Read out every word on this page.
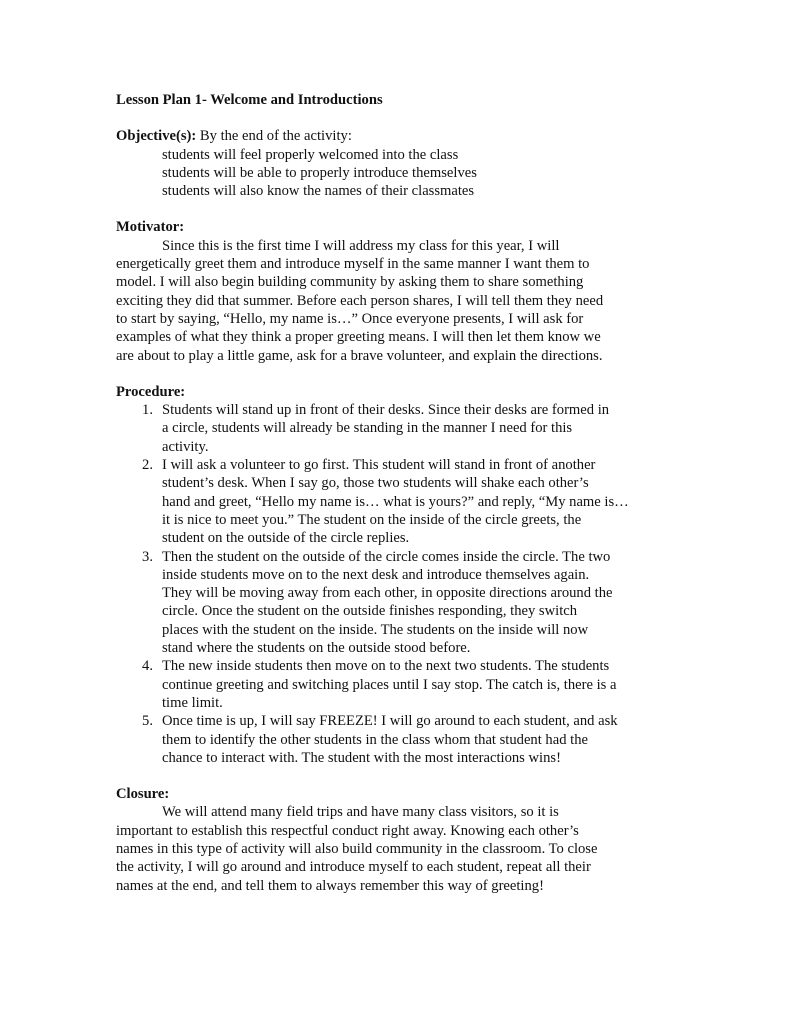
Lesson Plan 1- Welcome and Introductions
Objective(s):
By the end of the activity:
students will feel properly welcomed into the class
students will be able to properly introduce themselves
students will also know the names of their classmates
Motivator:

Since this is the first time I will address my class for this year, I will
energetically greet them and introduce myself in the same manner I want them to
model. I will also begin building community by asking them to share something
exciting they did that summer. Before each person shares, I will tell them they need
to start by saying, “Hello, my name is…” Once everyone presents, I will ask for
examples of what they think a proper greeting means. I will then let them know we
are about to play a little game, ask for a brave volunteer, and explain the directions.

Procedure:
1. Students will stand up in front of their desks. Since their desks are formed in
a circle, students will already be standing in the manner I need for this
activity.
2. I will ask a volunteer to go first. This student will stand in front of another
student’s desk. When I say go, those two students will shake each other’s
hand and greet, “Hello my name is… what is yours?” and reply, “My name is…
it is nice to meet you.” The student on the inside of the circle greets, the
student on the outside of the circle replies.
3. Then the student on the outside of the circle comes inside the circle. The two
inside students move on to the next desk and introduce themselves again.
They will be moving away from each other, in opposite directions around the
circle. Once the student on the outside finishes responding, they switch
places with the student on the inside. The students on the inside will now
stand where the students on the outside stood before.
4. The new inside students then move on to the next two students. The students
continue greeting and switching places until I say stop. The catch is, there is a
time limit.
5. Once time is up, I will say FREEZE! I will go around to each student, and ask
them to identify the other students in the class whom that student had the
chance to interact with. The student with the most interactions wins!
Closure:

We will attend many field trips and have many class visitors, so it is
important to establish this respectful conduct right away. Knowing each other’s
names in this type of activity will also build community in the classroom. To close
the activity, I will go around and introduce myself to each student, repeat all their
names at the end, and tell them to always remember this way of greeting!
